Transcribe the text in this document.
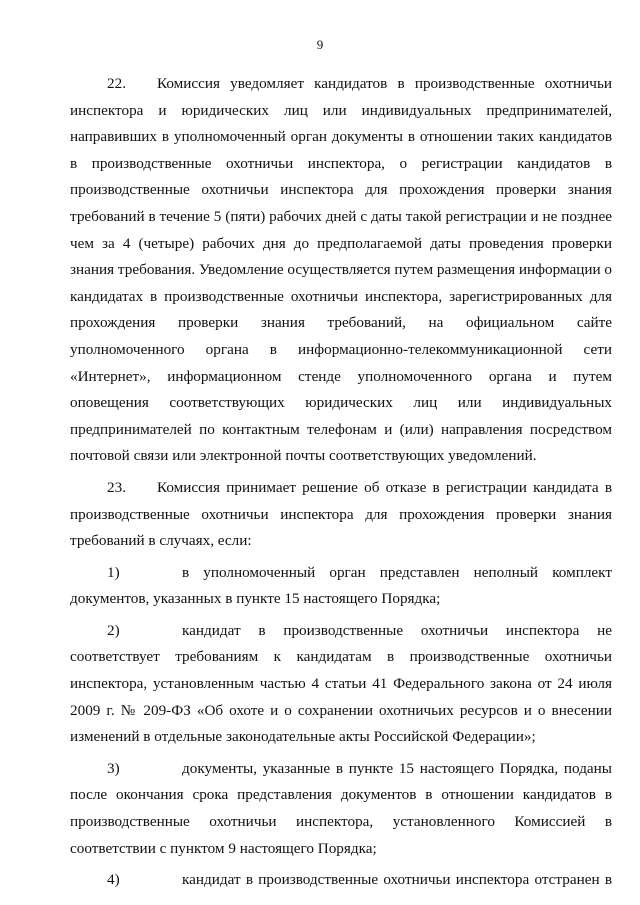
9

22. Комиссия уведомляет кандидатов в производственные охотничьи инспектора и юридических лиц или индивидуальных предпринимателей, направивших в уполномоченный орган документы в отношении таких кандидатов в производственные охотничьи инспектора, о регистрации кандидатов в производственные охотничьи инспектора для прохождения проверки знания требований в течение 5 (пяти) рабочих дней с даты такой регистрации и не позднее чем за 4 (четыре) рабочих дня до предполагаемой даты проведения проверки знания требования. Уведомление осуществляется путем размещения информации о кандидатах в производственные охотничьи инспектора, зарегистрированных для прохождения проверки знания требований, на официальном сайте уполномоченного органа в информационно-телекоммуникационной сети «Интернет», информационном стенде уполномоченного органа и путем оповещения соответствующих юридических лиц или индивидуальных предпринимателей по контактным телефонам и (или) направления посредством почтовой связи или электронной почты соответствующих уведомлений.

23. Комиссия принимает решение об отказе в регистрации кандидата в производственные охотничьи инспектора для прохождения проверки знания требований в случаях, если:

1)	в уполномоченный орган представлен неполный комплект документов, указанных в пункте 15 настоящего Порядка;

2)	кандидат в производственные охотничьи инспектора не соответствует требованиям к кандидатам в производственные охотничьи инспектора, установленным частью 4 статьи 41 Федерального закона от 24 июля 2009 г. № 209-ФЗ «Об охоте и о сохранении охотничьих ресурсов и о внесении изменений в отдельные законодательные акты Российской Федерации»;

3)	документы, указанные в пункте 15 настоящего Порядка, поданы после окончания срока представления документов в отношении кандидатов в производственные охотничьи инспектора, установленного Комиссией в соответствии с пунктом 9 настоящего Порядка;

4)	кандидат в производственные охотничьи инспектора отстранен в
